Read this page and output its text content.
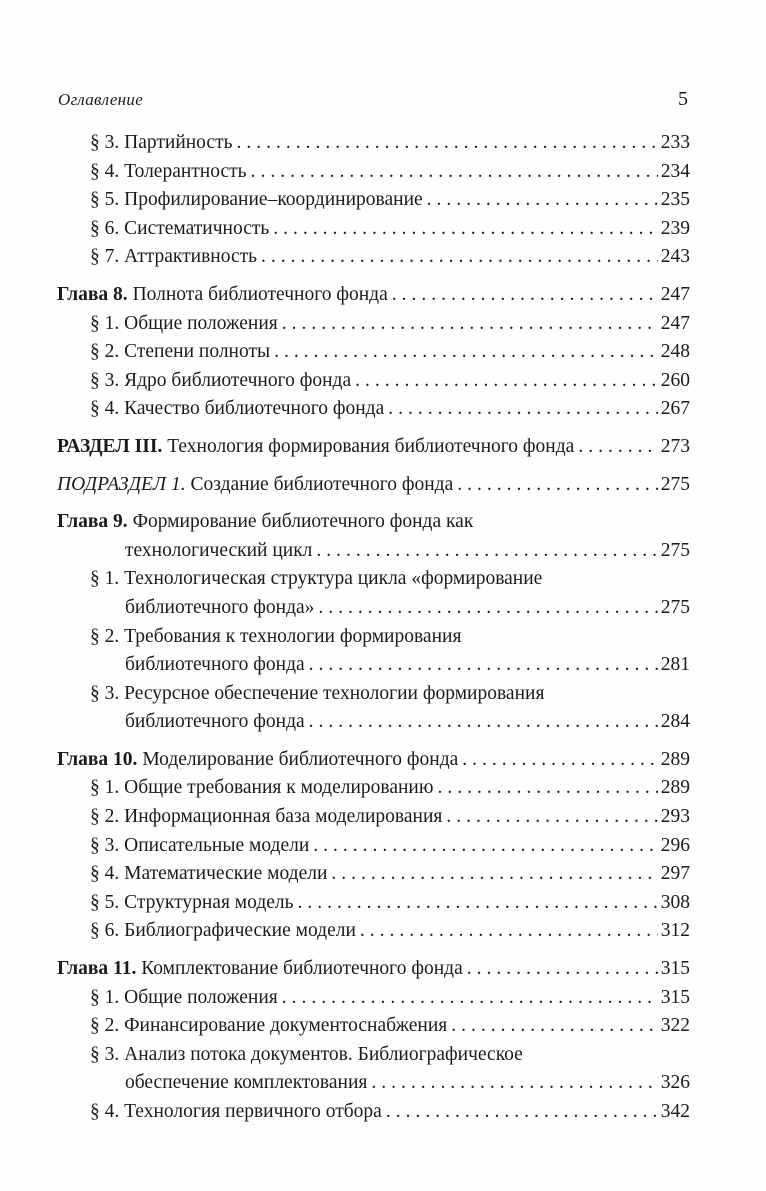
Оглавление	5
§ 3. Партийность .....	233
§ 4. Толерантность .....	234
§ 5. Профилирование–координирование .....	235
§ 6. Систематичность .....	239
§ 7. Аттрактивность .....	243
Глава 8. Полнота библиотечного фонда .....	247
§ 1. Общие положения .....	247
§ 2. Степени полноты .....	248
§ 3. Ядро библиотечного фонда .....	260
§ 4. Качество библиотечного фонда .....	267
РАЗДЕЛ III. Технология формирования библиотечного фонда .....	273
ПОДРАЗДЕЛ 1. Создание библиотечного фонда .....	275
Глава 9. Формирование библиотечного фонда как
технологический цикл .....	275
§ 1. Технологическая структура цикла «формирование
библиотечного фонда» .....	275
§ 2. Требования к технологии формирования
библиотечного фонда .....	281
§ 3. Ресурсное обеспечение технологии формирования
библиотечного фонда .....	284
Глава 10. Моделирование библиотечного фонда .....	289
§ 1. Общие требования к моделированию .....	289
§ 2. Информационная база моделирования .....	293
§ 3. Описательные модели .....	296
§ 4. Математические модели .....	297
§ 5. Структурная модель .....	308
§ 6. Библиографические модели .....	312
Глава 11. Комплектование библиотечного фонда .....	315
§ 1. Общие положения .....	315
§ 2. Финансирование документоснабжения .....	322
§ 3. Анализ потока документов. Библиографическое
обеспечение комплектования .....	326
§ 4. Технология первичного отбора .....	342
